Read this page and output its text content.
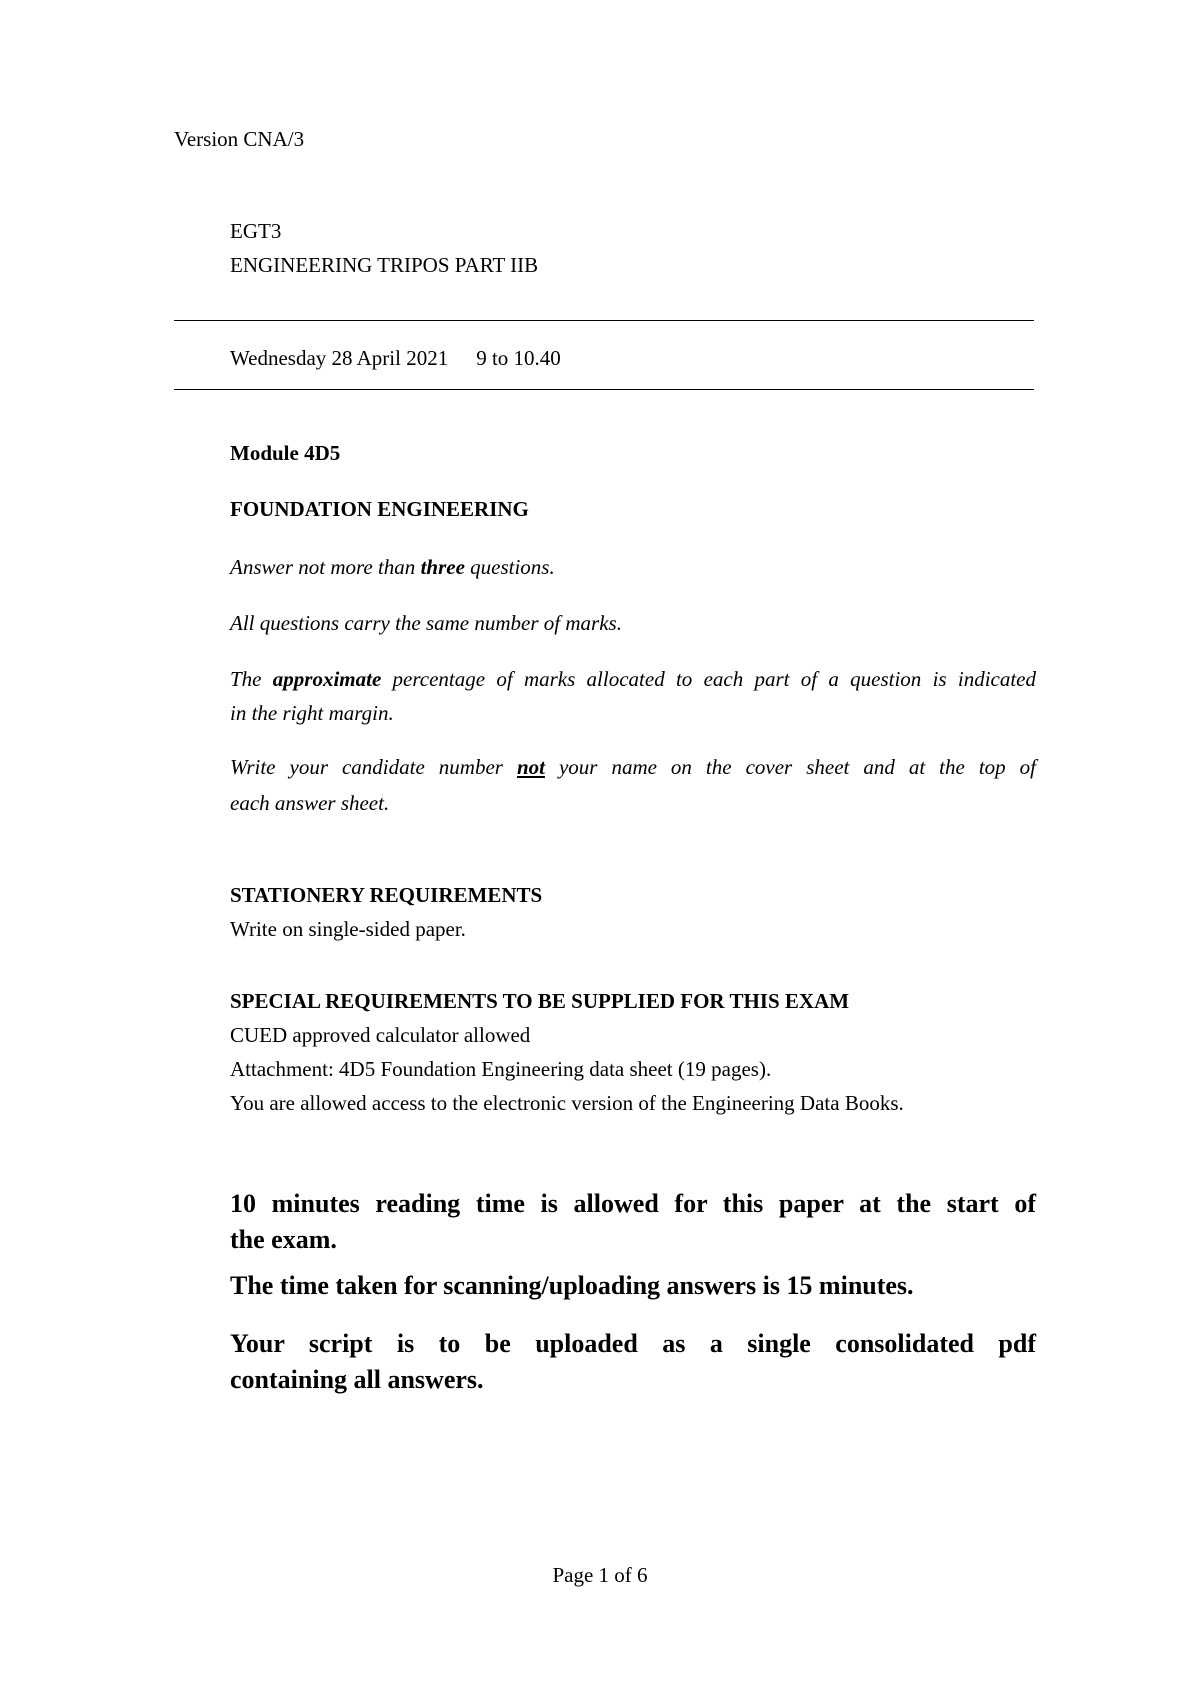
Version CNA/3
EGT3
ENGINEERING TRIPOS PART IIB
Wednesday 28 April 2021 9 to 10.40
Module 4D5
FOUNDATION ENGINEERING
Answer not more than three questions.
All questions carry the same number of marks.
The approximate percentage of marks allocated to each part of a question is indicated
in the right margin.
Write your candidate number not your name on the cover sheet and at the top of
each answer sheet.
STATIONERY REQUIREMENTS
Write on single-sided paper.
SPECIAL REQUIREMENTS TO BE SUPPLIED FOR THIS EXAM
CUED approved calculator allowed
Attachment: 4D5 Foundation Engineering data sheet (19 pages).
You are allowed access to the electronic version of the Engineering Data Books.
10 minutes reading time is allowed for this paper at the start of
the exam.
The time taken for scanning/uploading answers is 15 minutes.
Your script is to be uploaded as a single consolidated pdf
containing all answers.
Page 1 of 6
